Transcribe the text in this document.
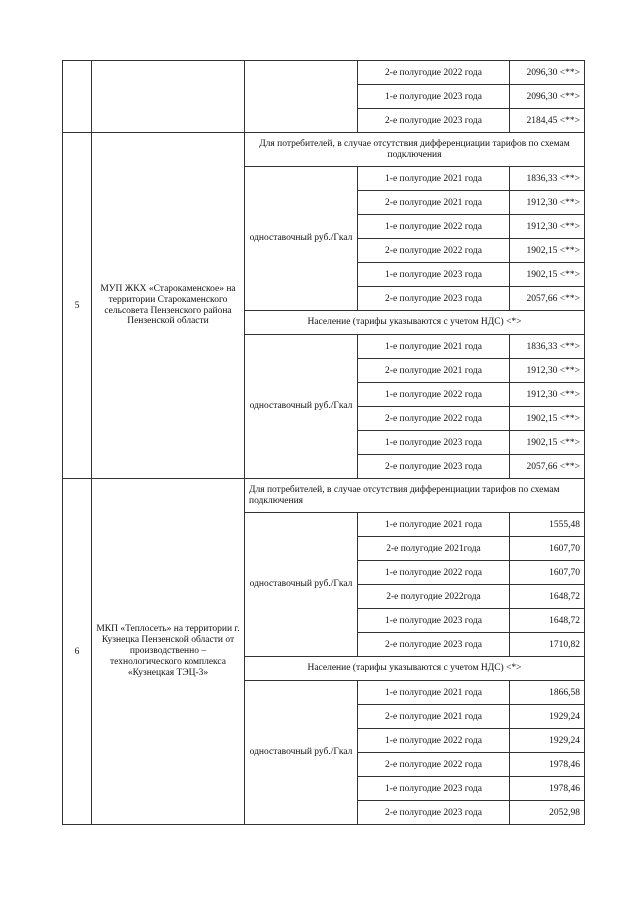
			2-е полугодие 2022 года	2096,30 <**>
			1-е полугодие 2023 года	2096,30 <**>
			2-е полугодие 2023 года	2184,45 <**>
5	МУП ЖКХ «Старокаменское» на территории Старокаменского сельсовета Пензенского района Пензенской области	Для потребителей, в случае отсутствия дифференциации тарифов по схемам подключения		
		одноставочный руб./Гкал	1-е полугодие 2021 года	1836,33 <**>
			2-е полугодие 2021 года	1912,30 <**>
			1-е полугодие 2022 года	1912,30 <**>
			2-е полугодие 2022 года	1902,15 <**>
			1-е полугодие 2023 года	1902,15 <**>
			2-е полугодие 2023 года	2057,66 <**>
		Население (тарифы указываются с учетом НДС) <*>		
		одноставочный руб./Гкал	1-е полугодие 2021 года	1836,33 <**>
			2-е полугодие 2021 года	1912,30 <**>
			1-е полугодие 2022 года	1912,30 <**>
			2-е полугодие 2022 года	1902,15 <**>
			1-е полугодие 2023 года	1902,15 <**>
			2-е полугодие 2023 года	2057,66 <**>
6	МКП «Теплосеть» на территории г. Кузнецка Пензенской области от производственно – технологического комплекса «Кузнецкая ТЭЦ-3»	Для потребителей, в случае отсутствия дифференциации тарифов по схемам подключения		
		одноставочный руб./Гкал	1-е полугодие 2021 года	1555,48
			2-е полугодие 2021года	1607,70
			1-е полугодие 2022 года	1607,70
			2-е полугодие 2022года	1648,72
			1-е полугодие 2023 года	1648,72
			2-е полугодие 2023 года	1710,82
		Население (тарифы указываются с учетом НДС) <*>		
		одноставочный руб./Гкал	1-е полугодие 2021 года	1866,58
			2-е полугодие 2021 года	1929,24
			1-е полугодие 2022 года	1929,24
			2-е полугодие 2022 года	1978,46
			1-е полугодие 2023 года	1978,46
			2-е полугодие 2023 года	2052,98
